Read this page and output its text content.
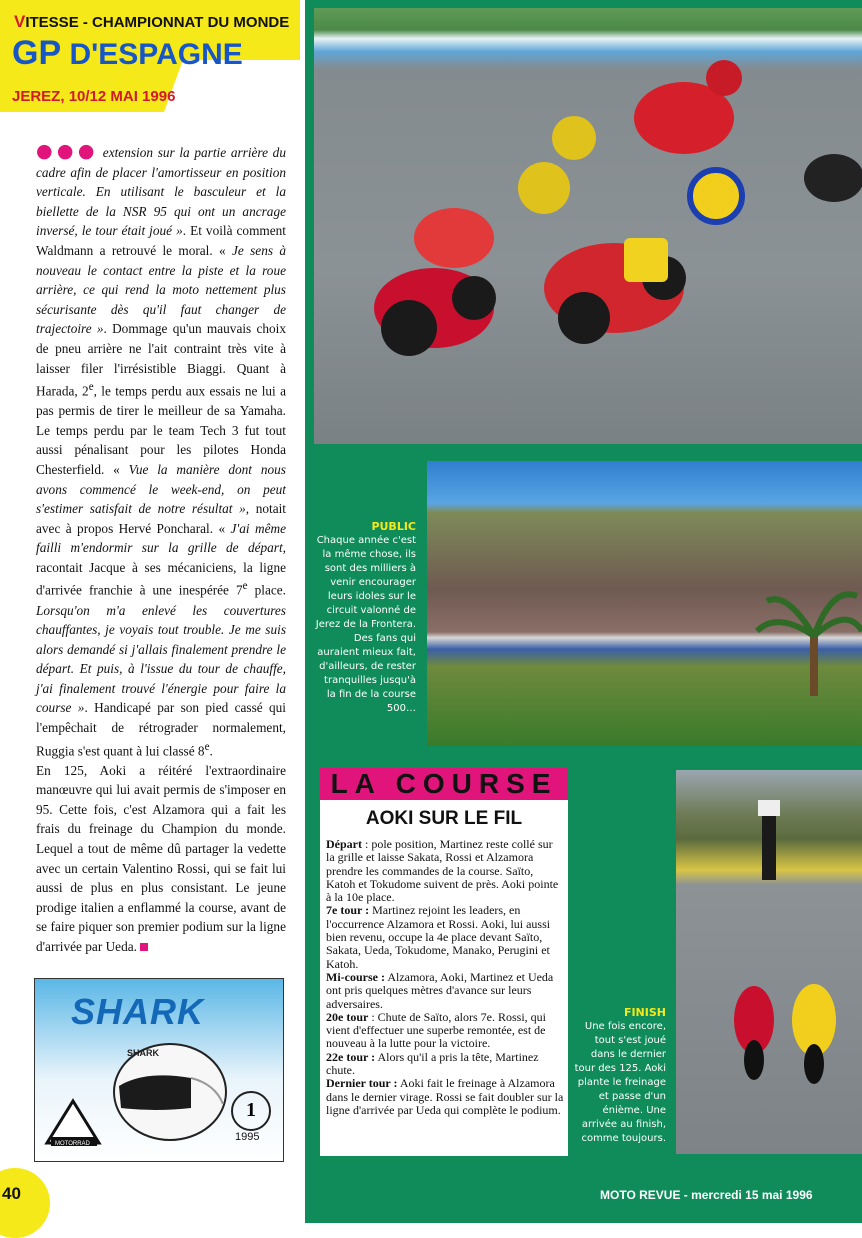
VITESSE - CHAMPIONNAT DU MONDE
GP D'ESPAGNE
JEREZ, 10/12 MAI 1996

●●● extension sur la partie arrière du cadre afin de placer l'amortisseur en position verticale. En utilisant le basculeur et la biellette de la NSR 95 qui ont un ancrage inversé, le tour était joué ». Et voilà comment Waldmann a retrouvé le moral. « Je sens à nouveau le contact entre la piste et la roue arrière, ce qui rend la moto nettement plus sécurisante dès qu'il faut changer de trajectoire ». Dommage qu'un mauvais choix de pneu arrière ne l'ait contraint très vite à laisser filer l'irrésistible Biaggi. Quant à Harada, 2e, le temps perdu aux essais ne lui a pas permis de tirer le meilleur de sa Yamaha. Le temps perdu par le team Tech 3 fut tout aussi pénalisant pour les pilotes Honda Chesterfield. « Vue la manière dont nous avons commencé le week-end, on peut s'estimer satisfait de notre résultat », notait avec à propos Hervé Poncharal. « J'ai même failli m'endormir sur la grille de départ, racontait Jacque à ses mécaniciens, la ligne d'arrivée franchie à une inespérée 7e place. Lorsqu'on m'a enlevé les couvertures chauffantes, je voyais tout trouble. Je me suis alors demandé si j'allais finalement prendre le départ. Et puis, à l'issue du tour de chauffe, j'ai finalement trouvé l'énergie pour faire la course ». Handicapé par son pied cassé qui l'empêchait de rétrograder normalement, Ruggia s'est quant à lui classé 8e.

En 125, Aoki a réitéré l'extraordinaire manœuvre qui lui avait permis de s'imposer en 95. Cette fois, c'est Alzamora qui a fait les frais du freinage du Champion du monde. Lequel a tout de même dû partager la vedette avec un certain Valentino Rossi, qui se fait lui aussi de plus en plus consistant. Le jeune prodige italien a enflammé la course, avant de se faire piquer son premier podium sur la ligne d'arrivée par Ueda.

SHARK
SHARK
MOTORRAD
1
1995
40
PUBLIC
Chaque année c'est la même chose, ils sont des milliers à venir encourager leurs idoles sur le circuit valonné de Jerez de la Frontera. Des fans qui auraient mieux fait, d'ailleurs, de rester tranquilles jusqu'à la fin de la course 500…
LA COURSE
AOKI SUR LE FIL

Départ : pole position, Martinez reste collé sur la grille et laisse Sakata, Rossi et Alzamora prendre les commandes de la course. Saïto, Katoh et Tokudome suivent de près. Aoki pointe à la 10e place.

7e tour : Martinez rejoint les leaders, en l'occurrence Alzamora et Rossi. Aoki, lui aussi bien revenu, occupe la 4e place devant Saïto, Sakata, Ueda, Tokudome, Manako, Perugini et Katoh.

Mi-course : Alzamora, Aoki, Martinez et Ueda ont pris quelques mètres d'avance sur leurs adversaires.

20e tour : Chute de Saïto, alors 7e. Rossi, qui vient d'effectuer une superbe remontée, est de nouveau à la lutte pour la victoire.

22e tour : Alors qu'il a pris la tête, Martinez chute.

Dernier tour : Aoki fait le freinage à Alzamora dans le dernier virage. Rossi se fait doubler sur la ligne d'arrivée par Ueda qui complète le podium.

FINISH
Une fois encore, tout s'est joué dans le dernier tour des 125. Aoki plante le freinage et passe d'un énième. Une arrivée au finish, comme toujours.
MOTO REVUE - mercredi 15 mai 1996
